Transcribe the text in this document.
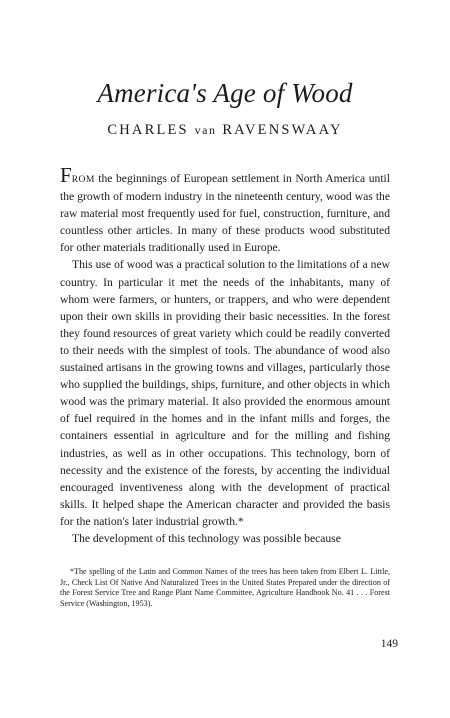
America's Age of Wood
CHARLES van RAVENSWAAY

FROM the beginnings of European settlement in North America until the growth of modern industry in the nineteenth century, wood was the raw material most frequently used for fuel, construction, furniture, and countless other articles. In many of these products wood substituted for other materials traditionally used in Europe.

This use of wood was a practical solution to the limitations of a new country. In particular it met the needs of the inhabitants, many of whom were farmers, or hunters, or trappers, and who were dependent upon their own skills in providing their basic necessities. In the forest they found resources of great variety which could be readily converted to their needs with the simplest of tools. The abundance of wood also sustained artisans in the growing towns and villages, particularly those who supplied the buildings, ships, furniture, and other objects in which wood was the primary material. It also provided the enormous amount of fuel required in the homes and in the infant mills and forges, the containers essential in agriculture and for the milling and fishing industries, as well as in other occupations. This technology, born of necessity and the existence of the forests, by accenting the individual encouraged inventiveness along with the development of practical skills. It helped shape the American character and provided the basis for the nation's later industrial growth.*

The development of this technology was possible because

*The spelling of the Latin and Common Names of the trees has been taken from Elbert L. Little, Jr., Check List Of Native And Naturalized Trees in the United States Prepared under the direction of the Forest Service Tree and Range Plant Name Committee, Agriculture Handbook No. 41 . . . Forest Service (Washington, 1953).

149
